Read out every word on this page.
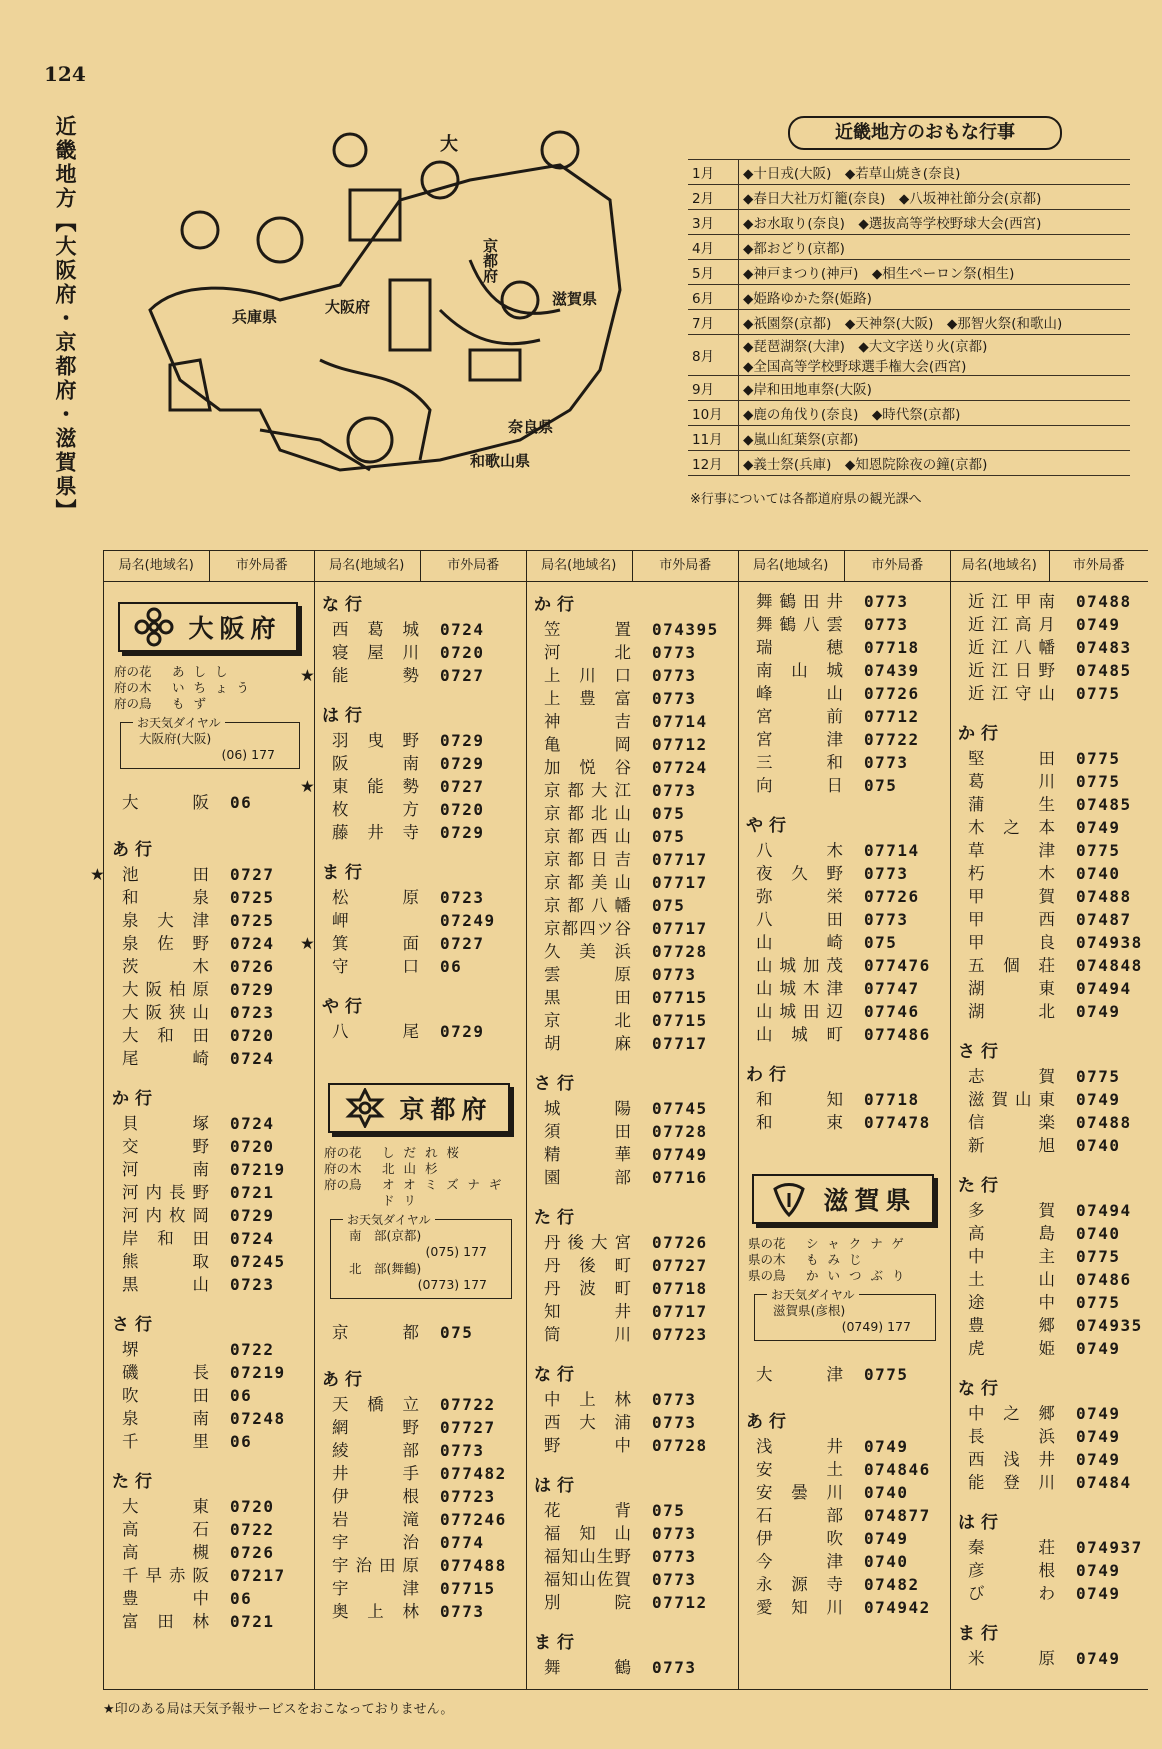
124
近畿地方【大阪府・京都府・滋賀県】	兵庫県
大阪府
京都府
滋賀県
奈良県
和歌山県
大
近畿地方のおもな行事
1月	◆十日戎(大阪)　◆若草山焼き(奈良)

2月	◆春日大社万灯籠(奈良)　◆八坂神社節分会(京都)

3月	◆お水取り(奈良)　◆選抜高等学校野球大会(西宮)

4月	◆都おどり(京都)

5月	◆神戸まつり(神戸)　◆相生ペーロン祭(相生)

6月	◆姫路ゆかた祭(姫路)

7月	◆祇園祭(京都)　◆天神祭(大阪)　◆那智火祭(和歌山)

8月	◆琵琶湖祭(大津)　◆大文字送り火(京都)
◆全国高等学校野球選手権大会(西宮)

9月	◆岸和田地車祭(大阪)

10月	◆鹿の角伐り(奈良)　◆時代祭(京都)

11月	◆嵐山紅葉祭(京都)

12月	◆義士祭(兵庫)　◆知恩院除夜の鐘(京都)
※行事については各都道府県の観光課へ
局名(地域名)	市外局番
大阪府
府の花	あしし
府の木	いちょう
府の鳥	もず
お天気ダイヤル
大阪府(大阪)
(06) 177
大阪	06
あ行
★	池田	0727
和泉	0725
泉大津	0725
泉佐野	0724
茨木	0726
大阪柏原	0729
大阪狭山	0723
大和田	0720
尾崎	0724
か行
貝塚	0724
交野	0720
河南	07219
河内長野	0721
河内枚岡	0729
岸和田	0724
熊取	07245
黒山	0723
さ行
堺	0722
磯長	07219
吹田	06
泉南	07248
千里	06
た行
大東	0720
高石	0722
高槻	0726
千早赤阪	07217
豊中	06
富田林	0721
局名(地域名)	市外局番
な行
西葛城	0724
寝屋川	0720
★	能勢	0727
は行
羽曳野	0729
阪南	0729
★	東能勢	0727
枚方	0720
藤井寺	0729
ま行
松原	0723
岬	07249
★	箕面	0727
守口	06
や行
八尾	0729
京都府
府の花	しだれ桜
府の木	北山杉
府の鳥	オオミズナギドリ
お天気ダイヤル
南　部(京都)
(075) 177
北　部(舞鶴)
(0773) 177
京都	075
あ行
天橋立	07722
網野	07727
綾部	0773
井手	077482
伊根	07723
岩滝	077246
宇治	0774
宇治田原	077488
宇津	07715
奥上林	0773
局名(地域名)	市外局番
か行
笠置	074395
河北	0773
上川口	0773
上豊富	0773
神吉	07714
亀岡	07712
加悦谷	07724
京都大江	0773
京都北山	075
京都西山	075
京都日吉	07717
京都美山	07717
京都八幡	075
京都四ツ谷	07717
久美浜	07728
雲原	0773
黒田	07715
京北	07715
胡麻	07717
さ行
城陽	07745
須田	07728
精華	07749
園部	07716
た行
丹後大宮	07726
丹後町	07727
丹波町	07718
知井	07717
筒川	07723
な行
中上林	0773
西大浦	0773
野中	07728
は行
花背	075
福知山	0773
福知山生野	0773
福知山佐賀	0773
別院	07712
ま行
舞鶴	0773
局名(地域名)	市外局番
舞鶴田井	0773
舞鶴八雲	0773
瑞穂	07718
南山城	07439
峰山	07726
宮前	07712
宮津	07722
三和	0773
向日	075
や行
八木	07714
夜久野	0773
弥栄	07726
八田	0773
山崎	075
山城加茂	077476
山城木津	07747
山城田辺	07746
山城町	077486
わ行
和知	07718
和束	077478
滋賀県
県の花	シャクナゲ
県の木	もみじ
県の鳥	かいつぶり
お天気ダイヤル
滋賀県(彦根)
(0749) 177
大津	0775
あ行
浅井	0749
安土	074846
安曇川	0740
石部	074877
伊吹	0749
今津	0740
永源寺	07482
愛知川	074942
局名(地域名)	市外局番
近江甲南	07488
近江高月	0749
近江八幡	07483
近江日野	07485
近江守山	0775
か行
堅田	0775
葛川	0775
蒲生	07485
木之本	0749
草津	0775
朽木	0740
甲賀	07488
甲西	07487
甲良	074938
五個荘	074848
湖東	07494
湖北	0749
さ行
志賀	0775
滋賀山東	0749
信楽	07488
新旭	0740
た行
多賀	07494
高島	0740
中主	0775
土山	07486
途中	0775
豊郷	074935
虎姫	0749
な行
中之郷	0749
長浜	0749
西浅井	0749
能登川	07484
は行
秦荘	074937
彦根	0749
びわ	0749
ま行
米原	0749
★印のある局は天気予報サービスをおこなっておりません。
